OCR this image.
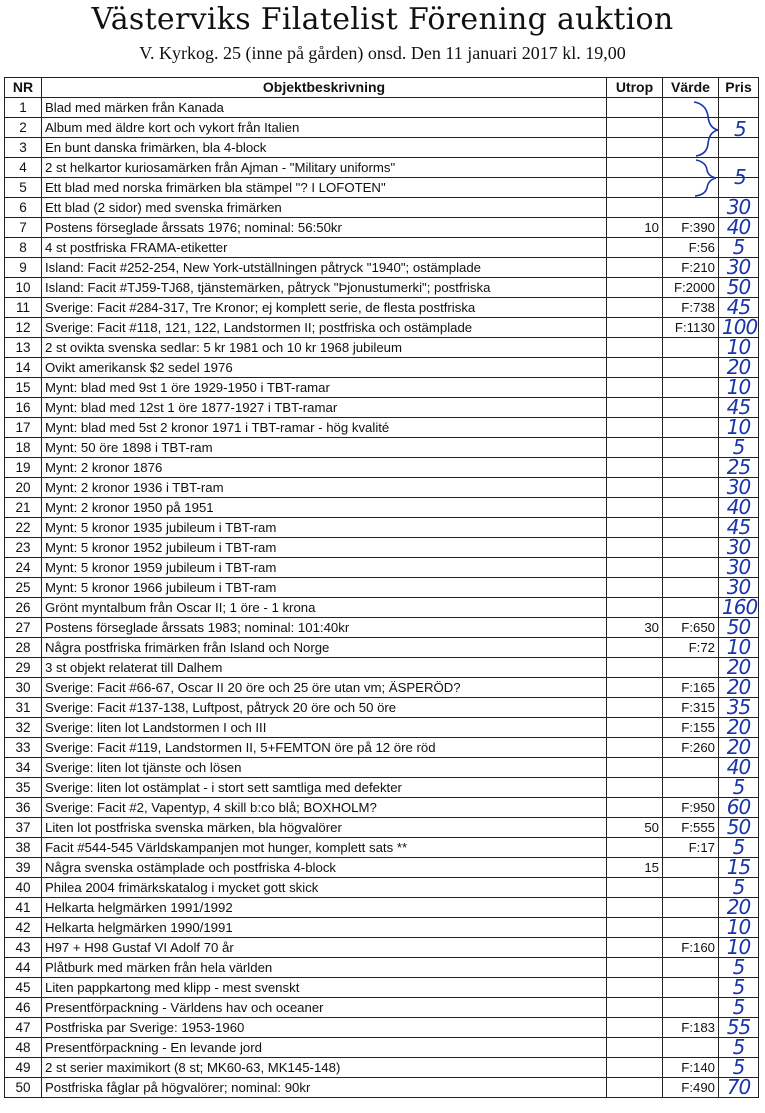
Västerviks Filatelist Förening auktion
V. Kyrkog. 25 (inne på gården) onsd. Den 11 januari 2017 kl. 19,00
NR	Objektbeskrivning	Utrop	Värde	Pris
1	Blad med märken från Kanada			
2	Album med äldre kort och vykort från Italien			
3	En bunt danska frimärken, bla 4-block			
4	2 st helkartor kuriosamärken från Ajman - "Military uniforms"			
5	Ett blad med norska frimärken bla stämpel "? I LOFOTEN"			
6	Ett blad (2 sidor) med svenska frimärken			30
7	Postens förseglade årssats 1976; nominal: 56:50kr	10	F:390	40
8	4 st postfriska FRAMA-etiketter		F:56	5
9	Island: Facit #252-254, New York-utställningen påtryck "1940"; ostämplade		F:210	30
10	Island: Facit #TJ59-TJ68, tjänstemärken, påtryck "Þjonustumerki"; postfriska		F:2000	50
11	Sverige: Facit #284-317, Tre Kronor; ej komplett serie, de flesta postfriska		F:738	45
12	Sverige: Facit #118, 121, 122, Landstormen II; postfriska och ostämplade		F:1130	100
13	2 st ovikta svenska sedlar: 5 kr 1981 och 10 kr 1968 jubileum			10
14	Ovikt amerikansk $2 sedel 1976			20
15	Mynt: blad med 9st 1 öre 1929-1950 i TBT-ramar			10
16	Mynt: blad med 12st 1 öre 1877-1927 i TBT-ramar			45
17	Mynt: blad med 5st 2 kronor 1971 i TBT-ramar - hög kvalité			10
18	Mynt: 50 öre 1898 i TBT-ram			5
19	Mynt: 2 kronor 1876			25
20	Mynt: 2 kronor 1936 i TBT-ram			30
21	Mynt: 2 kronor 1950 på 1951			40
22	Mynt: 5 kronor 1935 jubileum i TBT-ram			45
23	Mynt: 5 kronor 1952 jubileum i TBT-ram			30
24	Mynt: 5 kronor 1959 jubileum i TBT-ram			30
25	Mynt: 5 kronor 1966 jubileum i TBT-ram			30
26	Grönt myntalbum från Oscar II; 1 öre - 1 krona			160
27	Postens förseglade årssats 1983; nominal: 101:40kr	30	F:650	50
28	Några postfriska frimärken från Island och Norge		F:72	10
29	3 st objekt relaterat till Dalhem			20
30	Sverige: Facit #66-67, Oscar II 20 öre och 25 öre utan vm; ÄSPERÖD?		F:165	20
31	Sverige: Facit #137-138, Luftpost, påtryck 20 öre och 50 öre		F:315	35
32	Sverige: liten lot Landstormen I och III		F:155	20
33	Sverige: Facit #119, Landstormen II, 5+FEMTON öre på 12 öre röd		F:260	20
34	Sverige: liten lot tjänste och lösen			40
35	Sverige: liten lot ostämplat - i stort sett samtliga med defekter			5
36	Sverige: Facit #2, Vapentyp, 4 skill b:co blå; BOXHOLM?		F:950	60
37	Liten lot postfriska svenska märken, bla högvalörer	50	F:555	50
38	Facit #544-545 Världskampanjen mot hunger, komplett sats **		F:17	5
39	Några svenska ostämplade och postfriska 4-block	15		15
40	Philea 2004 frimärkskatalog i mycket gott skick			5
41	Helkarta helgmärken 1991/1992			20
42	Helkarta helgmärken 1990/1991			10
43	H97 + H98 Gustaf VI Adolf 70 år		F:160	10
44	Plåtburk med märken från hela världen			5
45	Liten pappkartong med klipp - mest svenskt			5
46	Presentförpackning - Världens hav och oceaner			5
47	Postfriska par Sverige: 1953-1960		F:183	55
48	Presentförpackning - En levande jord			5
49	2 st serier maximikort (8 st; MK60-63, MK145-148)		F:140	5
50	Postfriska fåglar på högvalörer; nominal: 90kr		F:490	70
5
5
